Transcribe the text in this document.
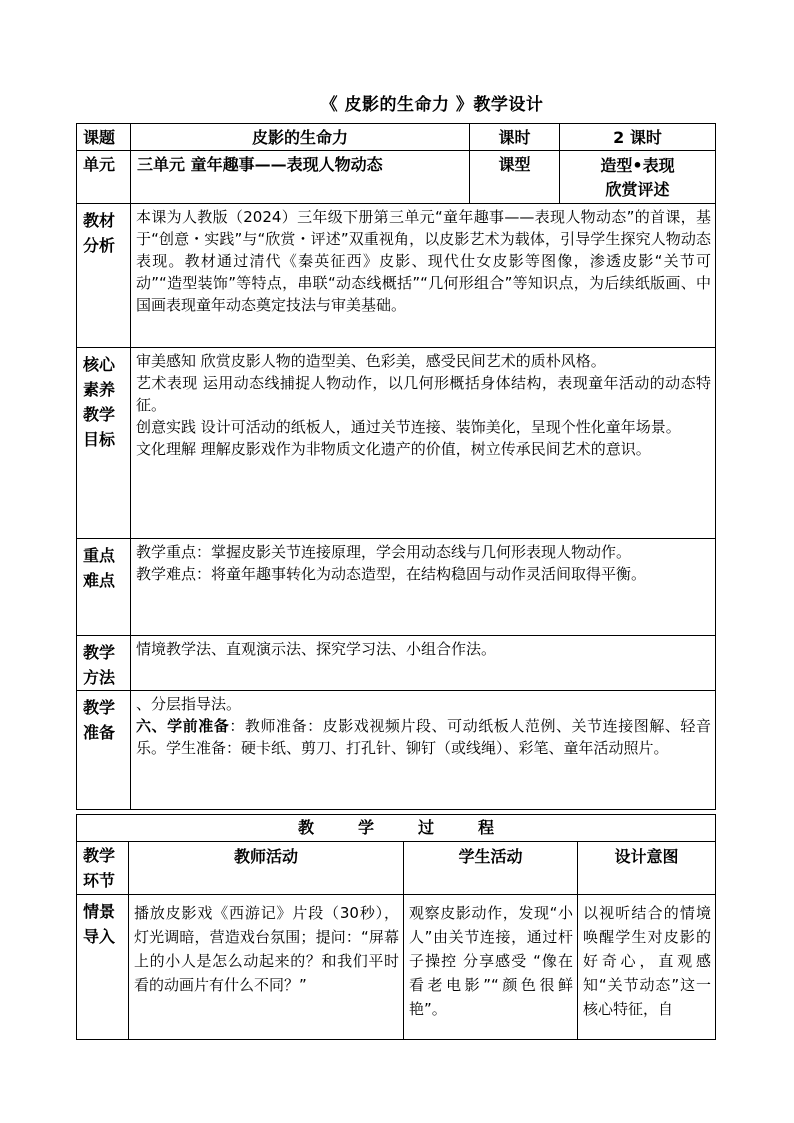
《 皮影的生命力 》教学设计
课题	皮影的生命力	课时	2 课时
单元	三单元 童年趣事——表现人物动态	课型	造型•表现
欣赏评述

教材分析	本课为人教版（2024）三年级下册第三单元“童年趣事——表现人物动态”的首课，基于“创意・实践”与“欣赏・评述”双重视角，以皮影艺术为载体，引导学生探究人物动态表现。教材通过清代《秦英征西》皮影、现代仕女皮影等图像，渗透皮影“关节可动”“造型装饰”等特点，串联“动态线概括”“几何形组合”等知识点，为后续纸版画、中国画表现童年动态奠定技法与审美基础。		
核心素养教学目标	审美感知 欣赏皮影人物的造型美、色彩美，感受民间艺术的质朴风格。

艺术表现 运用动态线捕捉人物动作，以几何形概括身体结构，表现童年活动的动态特征。

创意实践 设计可活动的纸板人，通过关节连接、装饰美化，呈现个性化童年场景。

文化理解 理解皮影戏作为非物质文化遗产的价值，树立传承民间艺术的意识。		

重点难点	教学重点：掌握皮影关节连接原理，学会用动态线与几何形表现人物动作。

教学难点：将童年趣事转化为动态造型，在结构稳固与动作灵活间取得平衡。		

教学方法	情境教学法、直观演示法、探究学习法、小组合作法。		
教学准备	、分层指导法。

六、学前准备：教师准备：皮影戏视频片段、可动纸板人范例、关节连接图解、轻音乐。学生准备：硬卡纸、剪刀、打孔针、铆钉（或线绳）、彩笔、童年活动照片。		

教 学 过 程			
教学环节	教师活动	学生活动	设计意图
情景导入	播放皮影戏《西游记》片段（30秒），灯光调暗，营造戏台氛围；提问：“屏幕上的小人是怎么动起来的？和我们平时看的动画片有什么不同？”	观察皮影动作，发现“小人”由关节连接，通过杆子操控 分享感受 “像在看老电影”“颜色很鲜艳”。	以视听结合的情境唤醒学生对皮影的好奇心，直观感知“关节动态”这一核心特征，自
